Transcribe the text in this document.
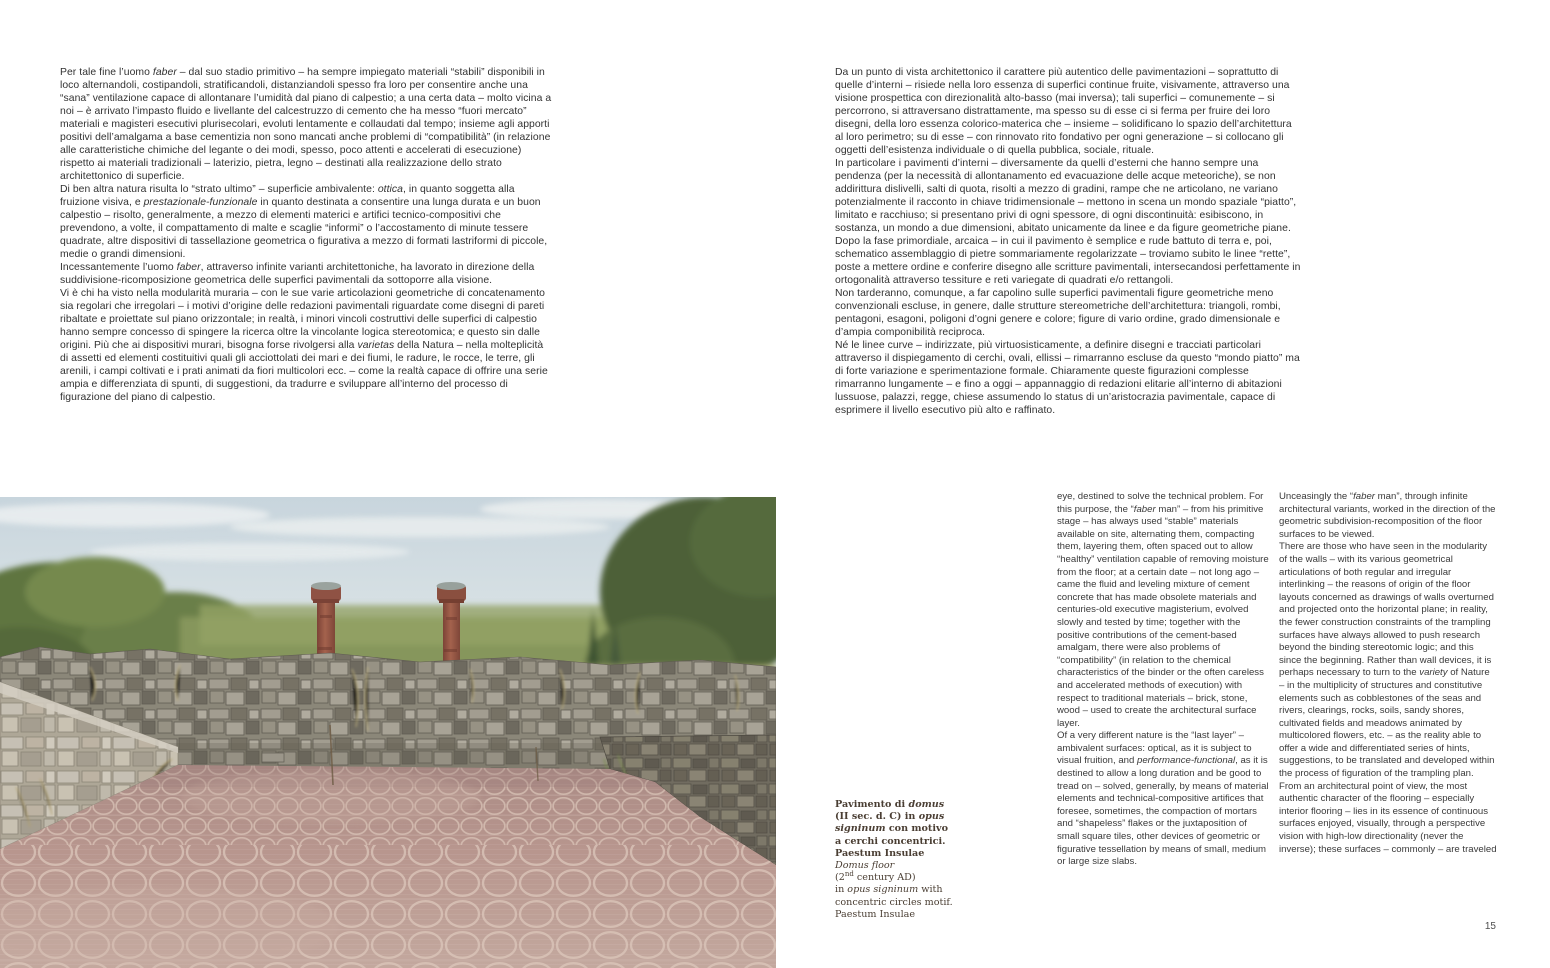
Per tale fine l’uomo faber – dal suo stadio primitivo – ha sempre impiegato materiali “stabili” disponibili in loco alternandoli, costipandoli, stratificandoli, distanziandoli spesso fra loro per consentire anche una “sana” ventilazione capace di allontanare l’umidità dal piano di calpestio; a una certa data – molto vicina a noi – è arrivato l’impasto fluido e livellante del calcestruzzo di cemento che ha messo “fuori mercato” materiali e magisteri esecutivi plurisecolari, evoluti lentamente e collaudati dal tempo; insieme agli apporti positivi dell’amalgama a base cementizia non sono mancati anche problemi di “compatibilità” (in relazione alle caratteristiche chimiche del legante o dei modi, spesso, poco attenti e accelerati di esecuzione) rispetto ai materiali tradizionali – laterizio, pietra, legno – destinati alla realizzazione dello strato architettonico di superficie.

Di ben altra natura risulta lo “strato ultimo” – superficie ambivalente: ottica, in quanto soggetta alla fruizione visiva, e prestazionale-funzionale in quanto destinata a consentire una lunga durata e un buon calpestio – risolto, generalmente, a mezzo di elementi materici e artifici tecnico-compositivi che prevendono, a volte, il compattamento di malte e scaglie “informi” o l’accostamento di minute tessere quadrate, altre dispositivi di tassellazione geometrica o figurativa a mezzo di formati lastriformi di piccole, medie o grandi dimensioni.

Incessantemente l’uomo faber, attraverso infinite varianti architettoniche, ha lavorato in direzione della suddivisione-ricomposizione geometrica delle superfici pavimentali da sottoporre alla visione.

Vi è chi ha visto nella modularità muraria – con le sue varie articolazioni geometriche di concatenamento sia regolari che irregolari – i motivi d’origine delle redazioni pavimentali riguardate come disegni di pareti ribaltate e proiettate sul piano orizzontale; in realtà, i minori vincoli costruttivi delle superfici di calpestio hanno sempre concesso di spingere la ricerca oltre la vincolante logica stereotomica; e questo sin dalle origini. Più che ai dispositivi murari, bisogna forse rivolgersi alla varietas della Natura – nella molteplicità di assetti ed elementi costituitivi quali gli acciottolati dei mari e dei fiumi, le radure, le rocce, le terre, gli arenili, i campi coltivati e i prati animati da fiori multicolori ecc. – come la realtà capace di offrire una serie ampia e differenziata di spunti, di suggestioni, da tradurre e sviluppare all’interno del processo di figurazione del piano di calpestio.

Da un punto di vista architettonico il carattere più autentico delle pavimentazioni – soprattutto di quelle d’interni – risiede nella loro essenza di superfici continue fruite, visivamente, attraverso una visione prospettica con direzionalità alto-basso (mai inversa); tali superfici – comunemente – si percorrono, si attraversano distrattamente, ma spesso su di esse ci si ferma per fruire dei loro disegni, della loro essenza colorico-materica che – insieme – solidificano lo spazio dell’architettura al loro perimetro; su di esse – con rinnovato rito fondativo per ogni generazione – si collocano gli oggetti dell’esistenza individuale o di quella pubblica, sociale, rituale.

In particolare i pavimenti d’interni – diversamente da quelli d’esterni che hanno sempre una pendenza (per la necessità di allontanamento ed evacuazione delle acque meteoriche), se non addirittura dislivelli, salti di quota, risolti a mezzo di gradini, rampe che ne articolano, ne variano potenzialmente il racconto in chiave tridimensionale – mettono in scena un mondo spaziale “piatto”, limitato e racchiuso; si presentano privi di ogni spessore, di ogni discontinuità: esibiscono, in sostanza, un mondo a due dimensioni, abitato unicamente da linee e da figure geometriche piane.

Dopo la fase primordiale, arcaica – in cui il pavimento è semplice e rude battuto di terra e, poi, schematico assemblaggio di pietre sommariamente regolarizzate – troviamo subito le linee “rette”, poste a mettere ordine e conferire disegno alle scritture pavimentali, intersecandosi perfettamente in ortogonalità attraverso tessiture e reti variegate di quadrati e/o rettangoli.

Non tarderanno, comunque, a far capolino sulle superfici pavimentali figure geometriche meno convenzionali escluse, in genere, dalle strutture stereometriche dell’architettura: triangoli, rombi, pentagoni, esagoni, poligoni d’ogni genere e colore; figure di vario ordine, grado dimensionale e d’ampia componibilità reciproca.

Né le linee curve – indirizzate, più virtuosisticamente, a definire disegni e tracciati particolari attraverso il dispiegamento di cerchi, ovali, ellissi – rimarranno escluse da questo “mondo piatto” ma di forte variazione e sperimentazione formale. Chiaramente queste figurazioni complesse rimarranno lungamente – e fino a oggi – appannaggio di redazioni elitarie all’interno di abitazioni lussuose, palazzi, regge, chiese assumendo lo status di un’aristocrazia pavimentale, capace di esprimere il livello esecutivo più alto e raffinato.

Pavimento di domus
(II sec. d. C) in opus
signinum con motivo
a cerchi concentrici.
Paestum Insulae
Domus floor
(2nd century AD)
in opus signinum with
concentric circles motif.
Paestum Insulae

eye, destined to solve the technical problem. For this purpose, the “faber man” – from his primitive stage – has always used “stable” materials available on site, alternating them, compacting them, layering them, often spaced out to allow “healthy” ventilation capable of removing moisture from the floor; at a certain date – not long ago – came the fluid and leveling mixture of cement concrete that has made obsolete materials and centuries-old executive magisterium, evolved slowly and tested by time; together with the positive contributions of the cement-based amalgam, there were also problems of “compatibility” (in relation to the chemical characteristics of the binder or the often careless and accelerated methods of execution) with respect to traditional materials – brick, stone, wood – used to create the architectural surface layer.

Of a very different nature is the “last layer” – ambivalent surfaces: optical, as it is subject to visual fruition, and performance-functional, as it is destined to allow a long duration and be good to tread on – solved, generally, by means of material elements and technical-compositive artifices that foresee, sometimes, the compaction of mortars and “shapeless” flakes or the juxtaposition of small square tiles, other devices of geometric or figurative tessellation by means of small, medium or large size slabs.

Unceasingly the “faber man”, through infinite architectural variants, worked in the direction of the geometric subdivision-recomposition of the floor surfaces to be viewed.

There are those who have seen in the modularity of the walls – with its various geometrical articulations of both regular and irregular interlinking – the reasons of origin of the floor layouts concerned as drawings of walls overturned and projected onto the horizontal plane; in reality, the fewer construction constraints of the trampling surfaces have always allowed to push research beyond the binding stereotomic logic; and this since the beginning. Rather than wall devices, it is perhaps necessary to turn to the variety of Nature – in the multiplicity of structures and constitutive elements such as cobblestones of the seas and rivers, clearings, rocks, soils, sandy shores, cultivated fields and meadows animated by multicolored flowers, etc. – as the reality able to offer a wide and differentiated series of hints, suggestions, to be translated and developed within the process of figuration of the trampling plan.

From an architectural point of view, the most authentic character of the flooring – especially interior flooring – lies in its essence of continuous surfaces enjoyed, visually, through a perspective vision with high-low directionality (never the inverse); these surfaces – commonly – are traveled

15
